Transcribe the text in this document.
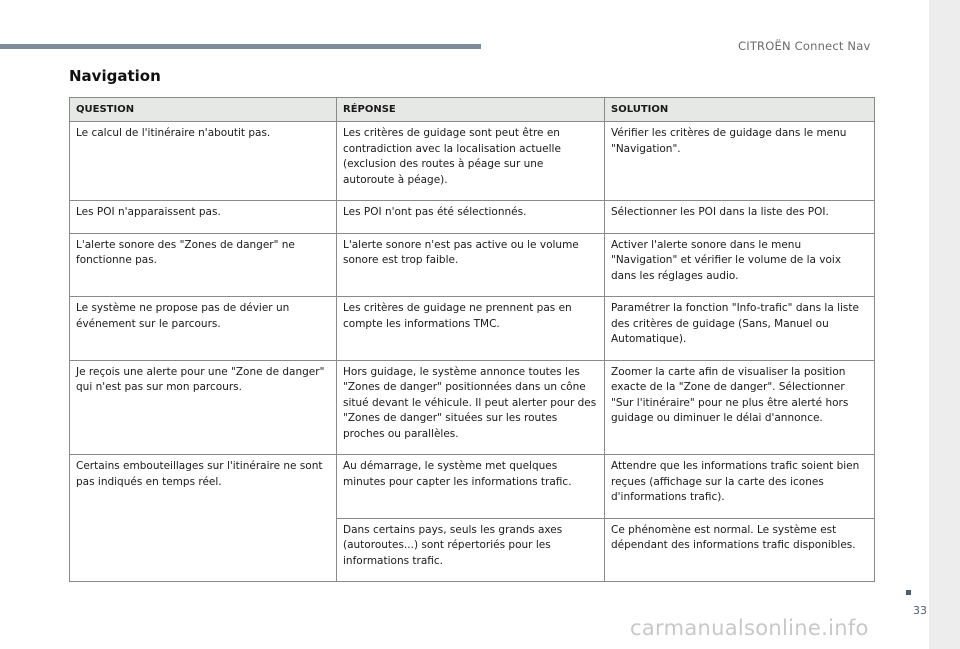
CITROËN Connect Nav
Navigation
QUESTION	RÉPONSE	SOLUTION
Le calcul de l'itinéraire n'aboutit pas.	Les critères de guidage sont peut être en contradiction avec la localisation actuelle (exclusion des routes à péage sur une autoroute à péage).	Vérifier les critères de guidage dans le menu "Navigation".
Les POI n'apparaissent pas.	Les POI n'ont pas été sélectionnés.	Sélectionner les POI dans la liste des POI.
L'alerte sonore des "Zones de danger" ne fonctionne pas.	L'alerte sonore n'est pas active ou le volume sonore est trop faible.	Activer l'alerte sonore dans le menu "Navigation" et vérifier le volume de la voix dans les réglages audio.
Le système ne propose pas de dévier un événement sur le parcours.	Les critères de guidage ne prennent pas en compte les informations TMC.	Paramétrer la fonction "Info-trafic" dans la liste des critères de guidage (Sans, Manuel ou Automatique).
Je reçois une alerte pour une "Zone de danger" qui n'est pas sur mon parcours.	Hors guidage, le système annonce toutes les "Zones de danger" positionnées dans un cône situé devant le véhicule. Il peut alerter pour des "Zones de danger" situées sur les routes proches ou parallèles.	Zoomer la carte afin de visualiser la position exacte de la "Zone de danger". Sélectionner "Sur l'itinéraire" pour ne plus être alerté hors guidage ou diminuer le délai d'annonce.
Certains embouteillages sur l'itinéraire ne sont pas indiqués en temps réel.	Au démarrage, le système met quelques minutes pour capter les informations trafic.	Attendre que les informations trafic soient bien reçues (affichage sur la carte des icones d'informations trafic).
	Dans certains pays, seuls les grands axes (autoroutes...) sont répertoriés pour les informations trafic.	Ce phénomène est normal. Le système est dépendant des informations trafic disponibles.
33
carmanualsonline.info
